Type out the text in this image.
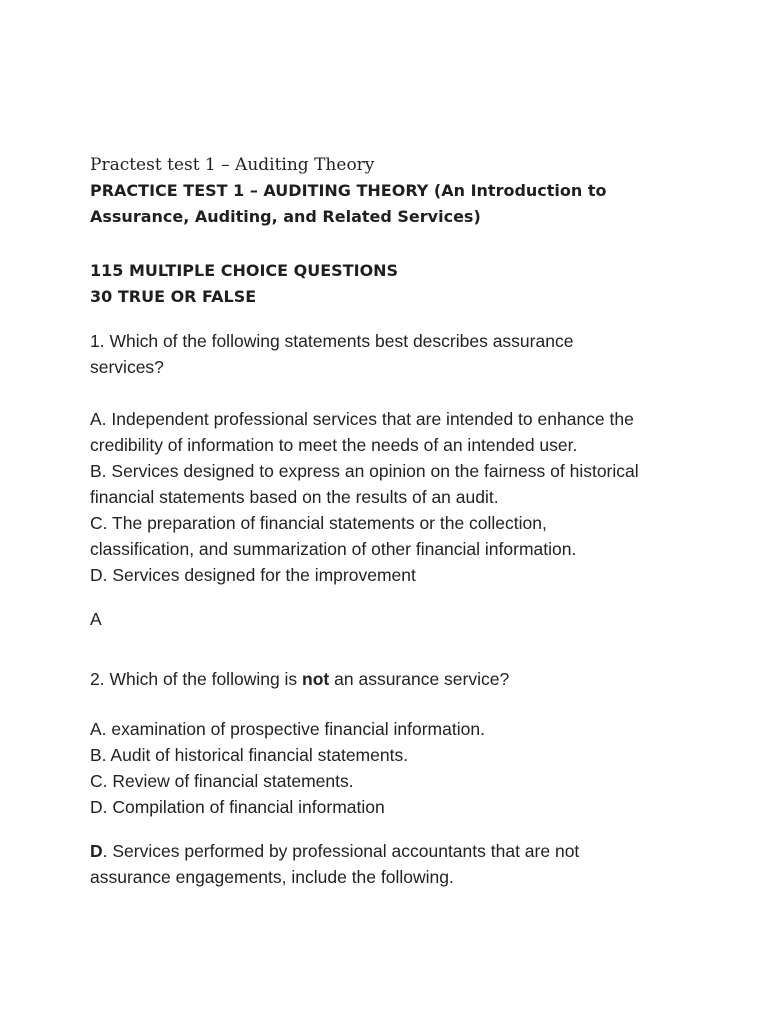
Practest test 1 – Auditing Theory

PRACTICE TEST 1 – AUDITING THEORY (An Introduction to
Assurance, Auditing, and Related Services)

115 MULTIPLE CHOICE QUESTIONS

30 TRUE OR FALSE

1. Which of the following statements best describes assurance
services?

A. Independent professional services that are intended to enhance the
credibility of information to meet the needs of an intended user.
B. Services designed to express an opinion on the fairness of historical
financial statements based on the results of an audit.
C. The preparation of financial statements or the collection,
classification, and summarization of other financial information.
D. Services designed for the improvement

A

2. Which of the following is not an assurance service?

A. examination of prospective financial information.
B. Audit of historical financial statements.
C. Review of financial statements.
D. Compilation of financial information

D. Services performed by professional accountants that are not
assurance engagements, include the following.
